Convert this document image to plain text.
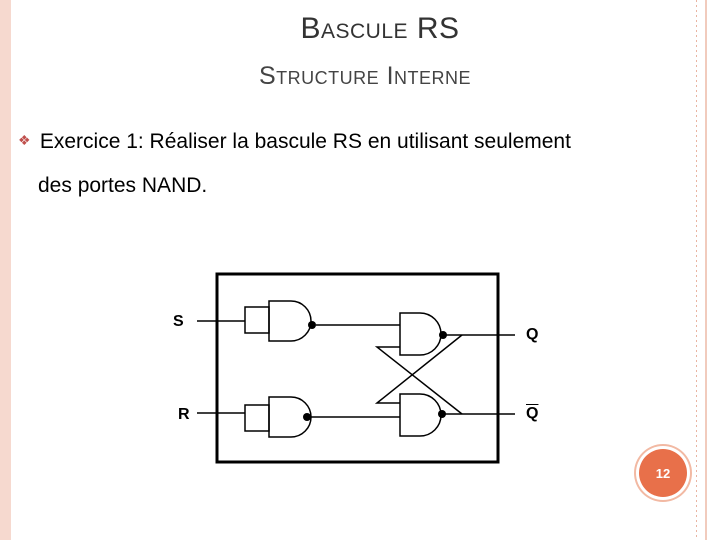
Bascule RS
Structure Interne
❖ Exercice 1: Réaliser la bascule RS en utilisant seulement
des portes NAND.
S
R
Q
$\overline{Q}$
12
